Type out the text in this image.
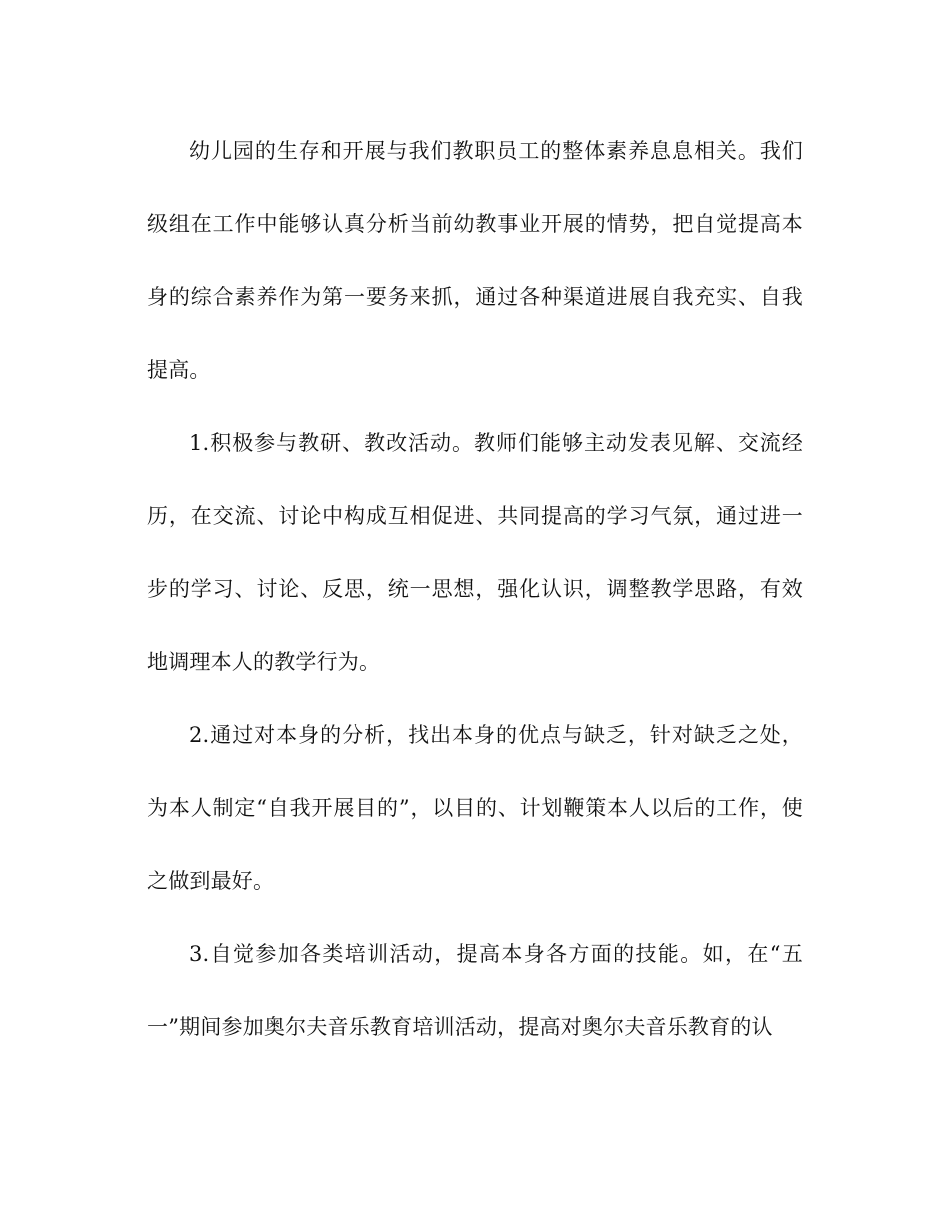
幼儿园的生存和开展与我们教职员工的整体素养息息相关。我们级组在工作中能够认真分析当前幼教事业开展的情势，把自觉提高本身的综合素养作为第一要务来抓，通过各种渠道进展自我充实、自我提高。

1.积极参与教研、教改活动。教师们能够主动发表见解、交流经历，在交流、讨论中构成互相促进、共同提高的学习气氛，通过进一步的学习、讨论、反思，统一思想，强化认识，调整教学思路，有效地调理本人的教学行为。

2.通过对本身的分析，找出本身的优点与缺乏，针对缺乏之处，为本人制定“自我开展目的”，以目的、计划鞭策本人以后的工作，使之做到最好。

3.自觉参加各类培训活动，提高本身各方面的技能。如，在“五一”期间参加奥尔夫音乐教育培训活动，提高对奥尔夫音乐教育的认
